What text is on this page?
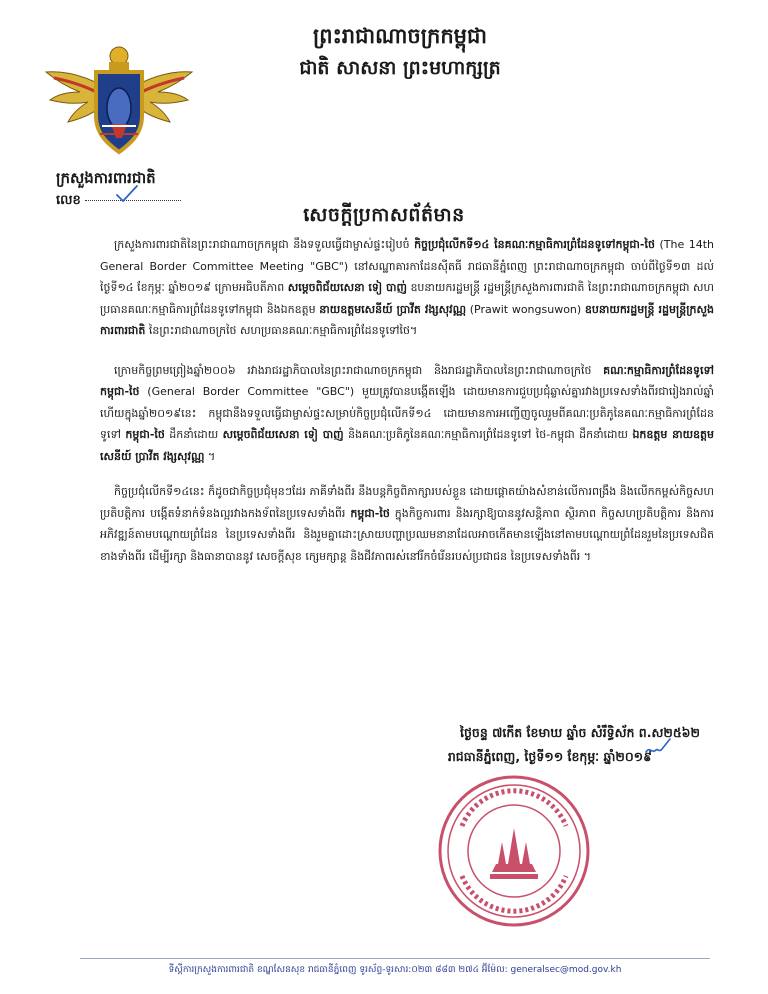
ព្រះរាជាណាចក្រកម្ពុជា
ជាតិ សាសនា ព្រះមហាក្សត្រ
ក្រសួងការពារជាតិ
លេខ
សេចក្ដីប្រកាសព័ត៌មាន

ក្រសួងការពារជាតិនៃព្រះរាជាណាចក្រកម្ពុជា នឹងទទួលធ្វើជាម្ចាស់ផ្ទះរៀបចំ កិច្ចប្រជុំលើកទី១៤ នៃគណៈកម្មាធិការព្រំដែនទូទៅកម្ពុជា-ថៃ (The 14th General Border Committee Meeting "GBC") នៅសណ្ឋាគារកាដែនស៊ីតធី រាជធានីភ្នំពេញ ព្រះរាជាណាចក្រកម្ពុជា ចាប់ពីថ្ងៃទី១៣ ដល់ថ្ងៃទី១៤ ខែកុម្ភៈ ឆ្នាំ២០១៩ ក្រោមអធិបតីភាព សម្ដេចពិជ័យសេនា ទៀ បាញ់ ឧបនាយករដ្ឋមន្ត្រី រដ្ឋមន្ត្រីក្រសួងការពារជាតិ នៃព្រះរាជាណាចក្រកម្ពុជា សហប្រធានគណៈកម្មាធិការព្រំដែនទូទៅកម្ពុជា និងឯកឧត្ដម នាយឧត្ដមសេនីយ៍ ប្រាវីត វង្សសុវណ្ណ (Prawit wongsuwon) ឧបនាយករដ្ឋមន្ត្រី រដ្ឋមន្ត្រីក្រសួងការពារជាតិ នៃព្រះរាជាណាចក្រថៃ សហប្រធានគណៈកម្មាធិការព្រំដែនទូទៅថៃ។

ក្រោមកិច្ចព្រមព្រៀងឆ្នាំ២០០៦ រវាងរាជរដ្ឋាភិបាលនៃព្រះរាជាណាចក្រកម្ពុជា និងរាជរដ្ឋាភិបាលនៃព្រះរាជាណាចក្រថៃ គណៈកម្មាធិការព្រំដែនទូទៅ កម្ពុជា-ថៃ (General Border Committee "GBC") មួយត្រូវបានបង្កើតឡើង ដោយមានការជួបប្រជុំឆ្លាស់គ្នារវាងប្រទេសទាំងពីរជារៀងរាល់ឆ្នាំ ហើយក្នុងឆ្នាំ២០១៩នេះ កម្ពុជានឹងទទួលធ្វើជាម្ចាស់ផ្ទះសម្រាប់កិច្ចប្រជុំលើកទី១៤ ដោយមានការអញ្ជើញចូលរួមពីគណៈប្រតិភូនៃគណៈកម្មាធិការព្រំដែនទូទៅ កម្ពុជា-ថៃ ដឹកនាំដោយ សម្ដេចពិជ័យសេនា ទៀ បាញ់ និងគណៈប្រតិភូនៃគណៈកម្មាធិការព្រំដែនទូទៅ ថៃ-កម្ពុជា ដឹកនាំដោយ ឯកឧត្ដម នាយឧត្ដមសេនីយ៍ ប្រាវីត វង្សសុវណ្ណ ។

កិច្ចប្រជុំលើកទី១៤នេះ ក៏ដូចជាកិច្ចប្រជុំមុនៗដែរ ភាគីទាំងពីរ នឹងបន្តកិច្ចពិភាក្សារបស់ខ្លួន ដោយផ្ដោតយ៉ាងសំខាន់លើការពង្រឹង និងលើកកម្ពស់កិច្ចសហប្រតិបត្តិការ បង្កើតទំនាក់ទំនងល្អរវាងកងទ័ពនៃប្រទេសទាំងពីរ កម្ពុជា-ថៃ ក្នុងកិច្ចការពារ និងរក្សាឱ្យបាននូវសន្តិភាព ស្ថិរភាព កិច្ចសហប្រតិបត្តិការ និងការអភិវឌ្ឍន៍តាមបណ្ដោយព្រំដែន នៃប្រទេសទាំងពីរ និងរួមគ្នាដោះស្រាយបញ្ហាប្រឈមនានាដែលអាចកើតមានឡើងនៅតាមបណ្ដោយព្រំដែនរួមនៃប្រទេសជិតខាងទាំងពីរ ដើម្បីរក្សា និងធានាបាននូវ សេចក្ដីសុខ ក្សេមក្សាន្ត និងជីវភាពរស់នៅរីកចំរើនរបស់ប្រជាជន នៃប្រទេសទាំងពីរ ។

ថ្ងៃចន្ទ ៧កើត ខែមាឃ ឆ្នាំច សំរឹទ្ធិស័ក ព.ស២៥៦២
រាជធានីភ្នំពេញ, ថ្ងៃទី១១ ខែកុម្ភៈ ឆ្នាំ២០១៩
ទីស្ដីការក្រសួងការពារជាតិ ខណ្ឌសែនសុខ រាជធានីភ្នំពេញ ទូរស័ព្ទ-ទូរសារ:០២៣ ៨៨៣ ២៧៤ អ៊ីម៉ែល: generalsec@mod.gov.kh
